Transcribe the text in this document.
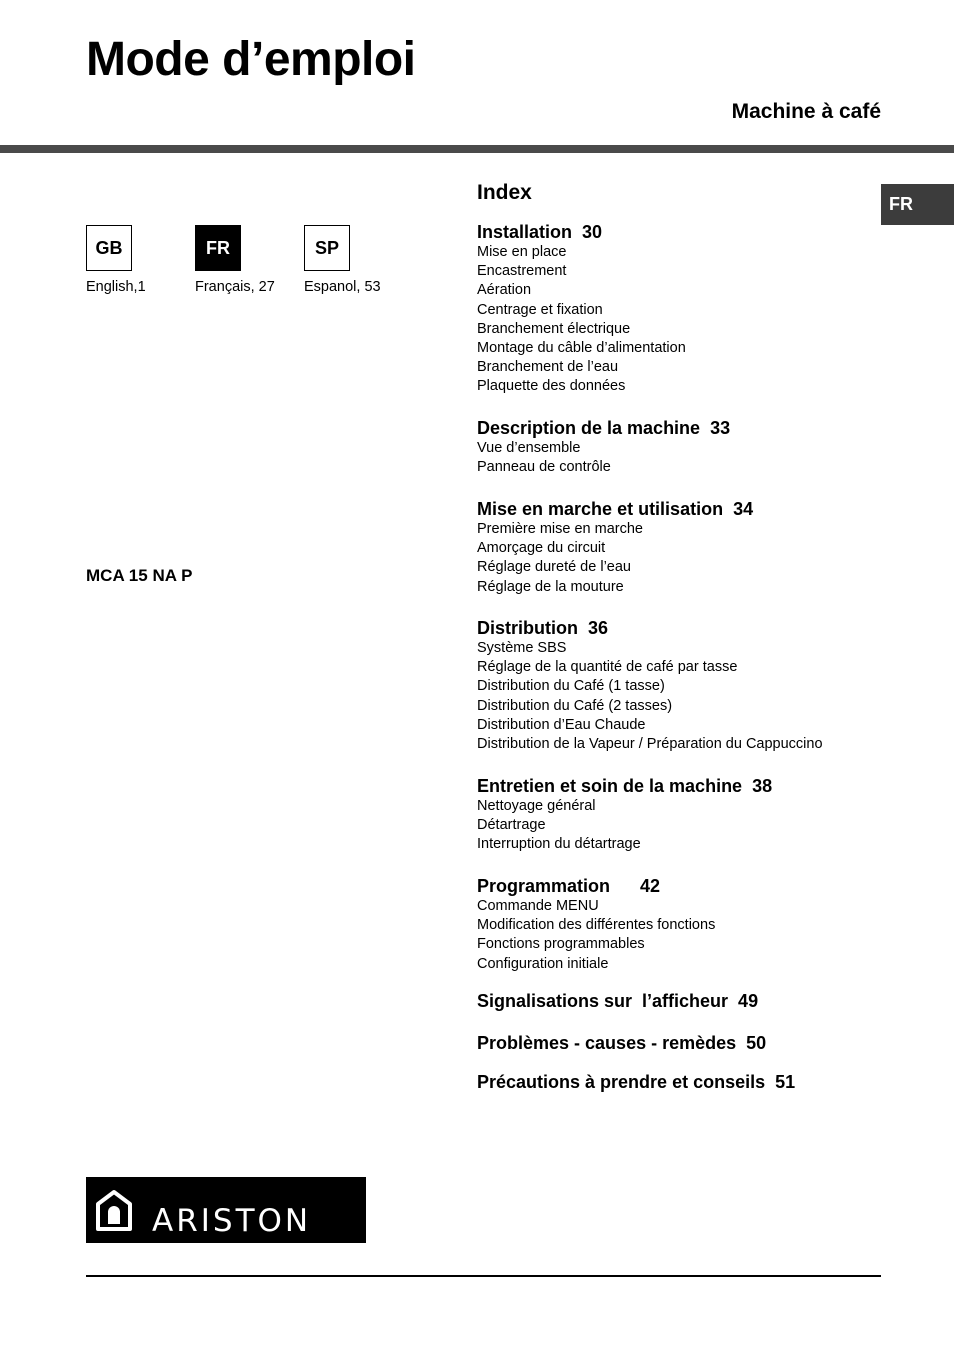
Mode d’emploi
Machine à café
FR
GB	FR	SP
English,1	Français, 27 Espanol, 53
MCA 15 NA P
Index
Installation  30
Mise en place
Encastrement
Aération
Centrage et fixation
Branchement électrique
Montage du câble d’alimentation
Branchement de l’eau
Plaquette des données
Description de la machine  33
Vue d’ensemble
Panneau de contrôle
Mise en marche et utilisation  34
Première mise en marche
Amorçage du circuit
Réglage dureté de l’eau
Réglage de la mouture
Distribution  36
Système SBS
Réglage de la quantité de café par tasse
Distribution du Café (1 tasse)
Distribution du Café (2 tasses)
Distribution d’Eau Chaude
Distribution de la Vapeur / Préparation du Cappuccino
Entretien et soin de la machine  38
Nettoyage général
Détartrage
Interruption du détartrage
Programmation      42
Commande MENU
Modification des différentes fonctions
Fonctions programmables
Configuration initiale
Signalisations sur  l’afficheur  49
Problèmes - causes - remèdes  50
Précautions à prendre et conseils  51
ARISTON
